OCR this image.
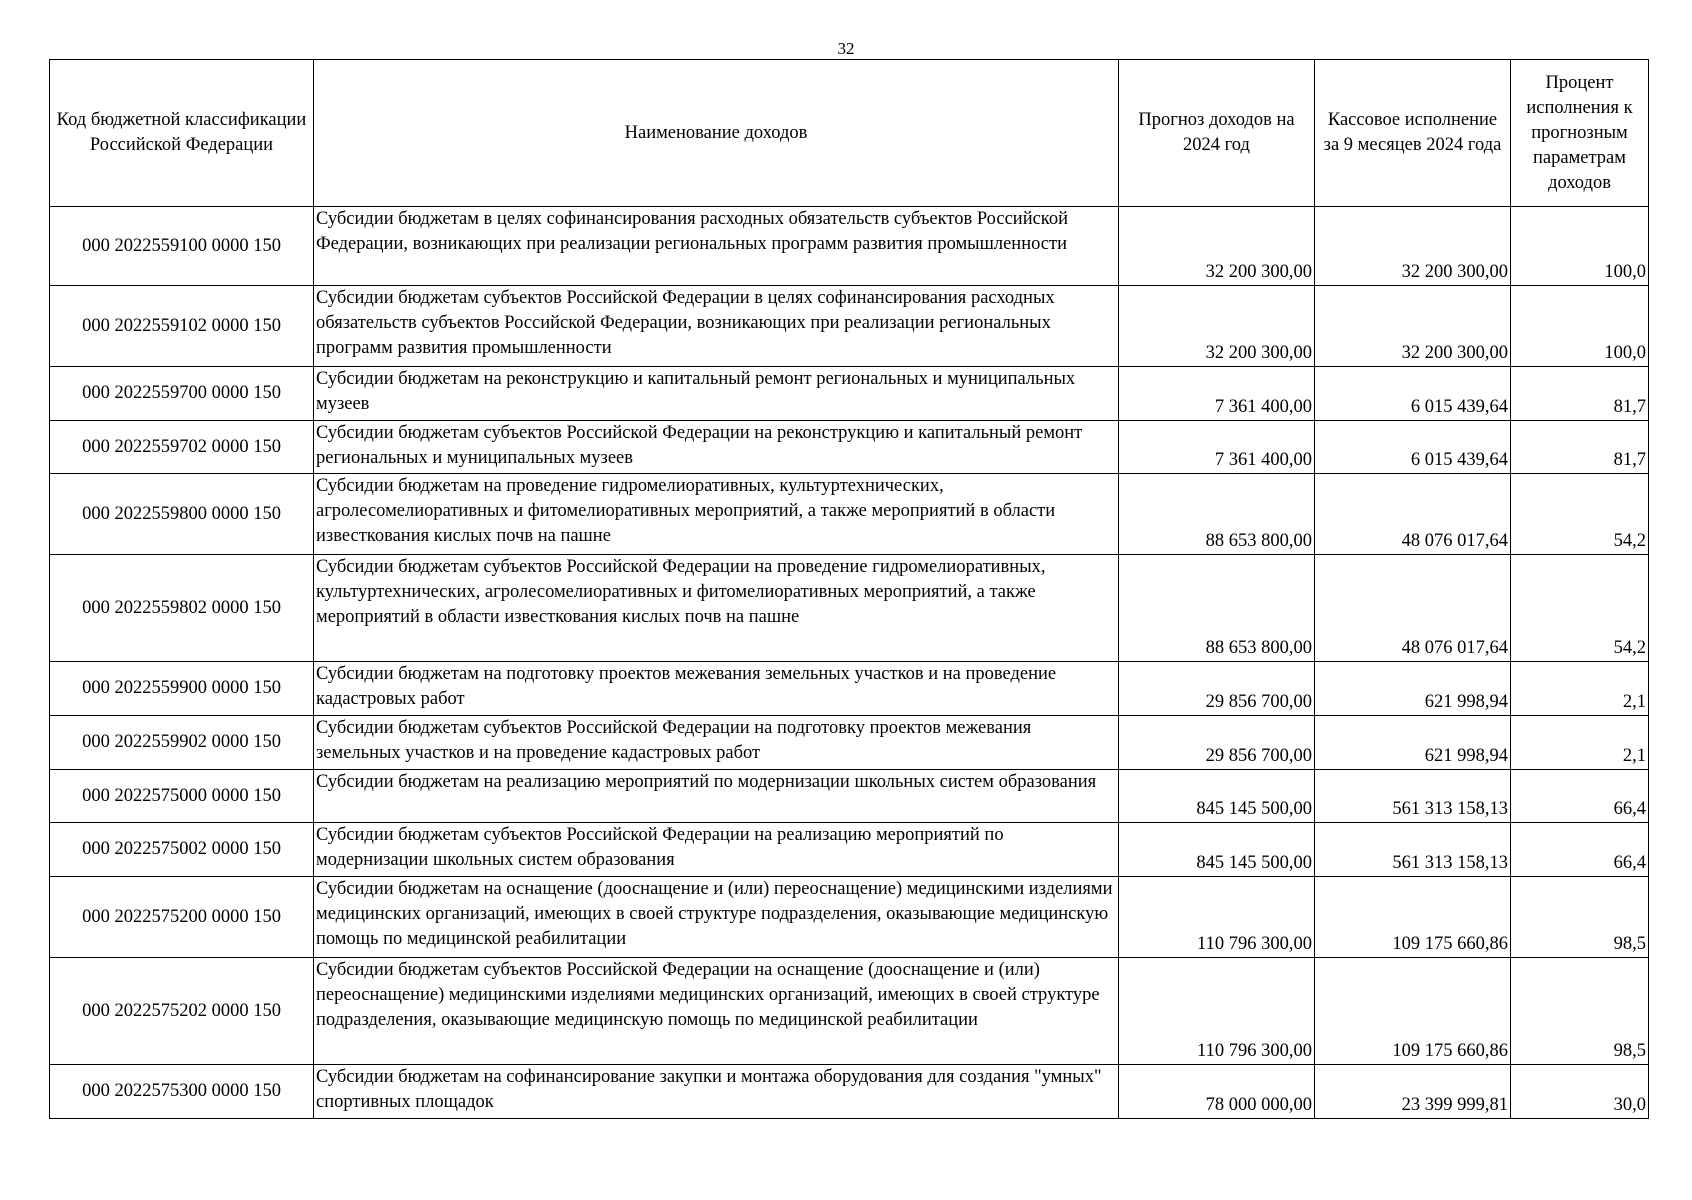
32
Код бюджетной классификации Российской Федерации	Наименование доходов	Прогноз доходов на 2024 год	Кассовое исполнение за 9 месяцев 2024 года	Процент исполнения к прогнозным параметрам доходов
000 2022559100 0000 150	Субсидии бюджетам в целях софинансирования расходных обязательств субъектов Российской Федерации, возникающих при реализации региональных программ развития промышленности	32 200 300,00	32 200 300,00	100,0
000 2022559102 0000 150	Субсидии бюджетам субъектов Российской Федерации в целях софинансирования расходных обязательств субъектов Российской Федерации, возникающих при реализации региональных программ развития промышленности	32 200 300,00	32 200 300,00	100,0
000 2022559700 0000 150	Субсидии бюджетам на реконструкцию и капитальный ремонт региональных и муниципальных музеев	7 361 400,00	6 015 439,64	81,7
000 2022559702 0000 150	Субсидии бюджетам субъектов Российской Федерации на реконструкцию и капитальный ремонт региональных и муниципальных музеев	7 361 400,00	6 015 439,64	81,7
000 2022559800 0000 150	Субсидии бюджетам на проведение гидромелиоративных, культуртехнических, агролесомелиоративных и фитомелиоративных мероприятий, а также мероприятий в области известкования кислых почв на пашне	88 653 800,00	48 076 017,64	54,2
000 2022559802 0000 150	Субсидии бюджетам субъектов Российской Федерации на проведение гидромелиоративных, культуртехнических, агролесомелиоративных и фитомелиоративных мероприятий, а также мероприятий в области известкования кислых почв на пашне	88 653 800,00	48 076 017,64	54,2
000 2022559900 0000 150	Субсидии бюджетам на подготовку проектов межевания земельных участков и на проведение кадастровых работ	29 856 700,00	621 998,94	2,1
000 2022559902 0000 150	Субсидии бюджетам субъектов Российской Федерации на подготовку проектов межевания земельных участков и на проведение кадастровых работ	29 856 700,00	621 998,94	2,1
000 2022575000 0000 150	Субсидии бюджетам на реализацию мероприятий по модернизации школьных систем образования	845 145 500,00	561 313 158,13	66,4
000 2022575002 0000 150	Субсидии бюджетам субъектов Российской Федерации на реализацию мероприятий по модернизации школьных систем образования	845 145 500,00	561 313 158,13	66,4
000 2022575200 0000 150	Субсидии бюджетам на оснащение (дооснащение и (или) переоснащение) медицинскими изделиями медицинских организаций, имеющих в своей структуре подразделения, оказывающие медицинскую помощь по медицинской реабилитации	110 796 300,00	109 175 660,86	98,5
000 2022575202 0000 150	Субсидии бюджетам субъектов Российской Федерации на оснащение (дооснащение и (или) переоснащение) медицинскими изделиями медицинских организаций, имеющих в своей структуре подразделения, оказывающие медицинскую помощь по медицинской реабилитации	110 796 300,00	109 175 660,86	98,5
000 2022575300 0000 150	Субсидии бюджетам на софинансирование закупки и монтажа оборудования для создания "умных" спортивных площадок	78 000 000,00	23 399 999,81	30,0
